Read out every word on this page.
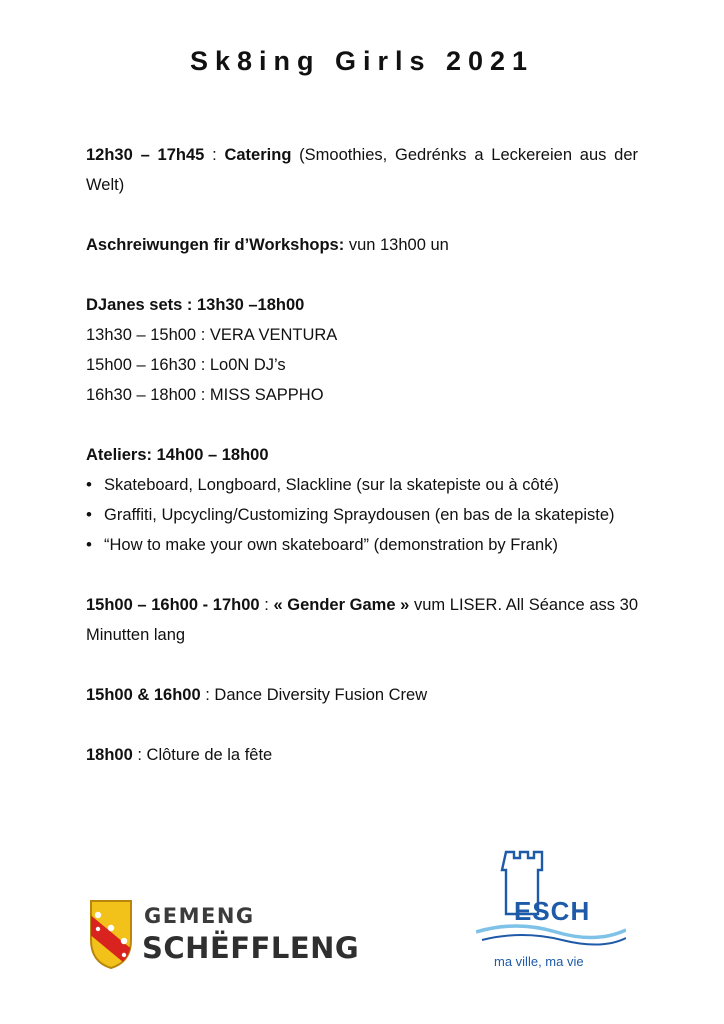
Sk8ing Girls 2021

12h30 – 17h45 : Catering (Smoothies, Gedrénks a Leckereien aus der Welt)

Aschreiwungen fir d’Workshops: vun 13h00 un

DJanes sets : 13h30 –18h00

13h30 – 15h00 : VERA VENTURA
15h00 – 16h30 : Lo0N DJ’s
16h30 – 18h00 : MISS SAPPHO

Ateliers: 14h00 – 18h00

• Skateboard, Longboard, Slackline (sur la skatepiste ou à côté)
• Graffiti, Upcycling/Customizing Spraydousen (en bas de la skatepiste)
• “How to make your own skateboard” (demonstration by Frank)

15h00 – 16h00 - 17h00 : « Gender Game » vum LISER. All Séance ass 30 Minutten lang

15h00 & 16h00 : Dance Diversity Fusion Crew

18h00 : Clôture de la fête

GEMENG
SCHËFFLENG
ESCH
ma ville, ma vie
